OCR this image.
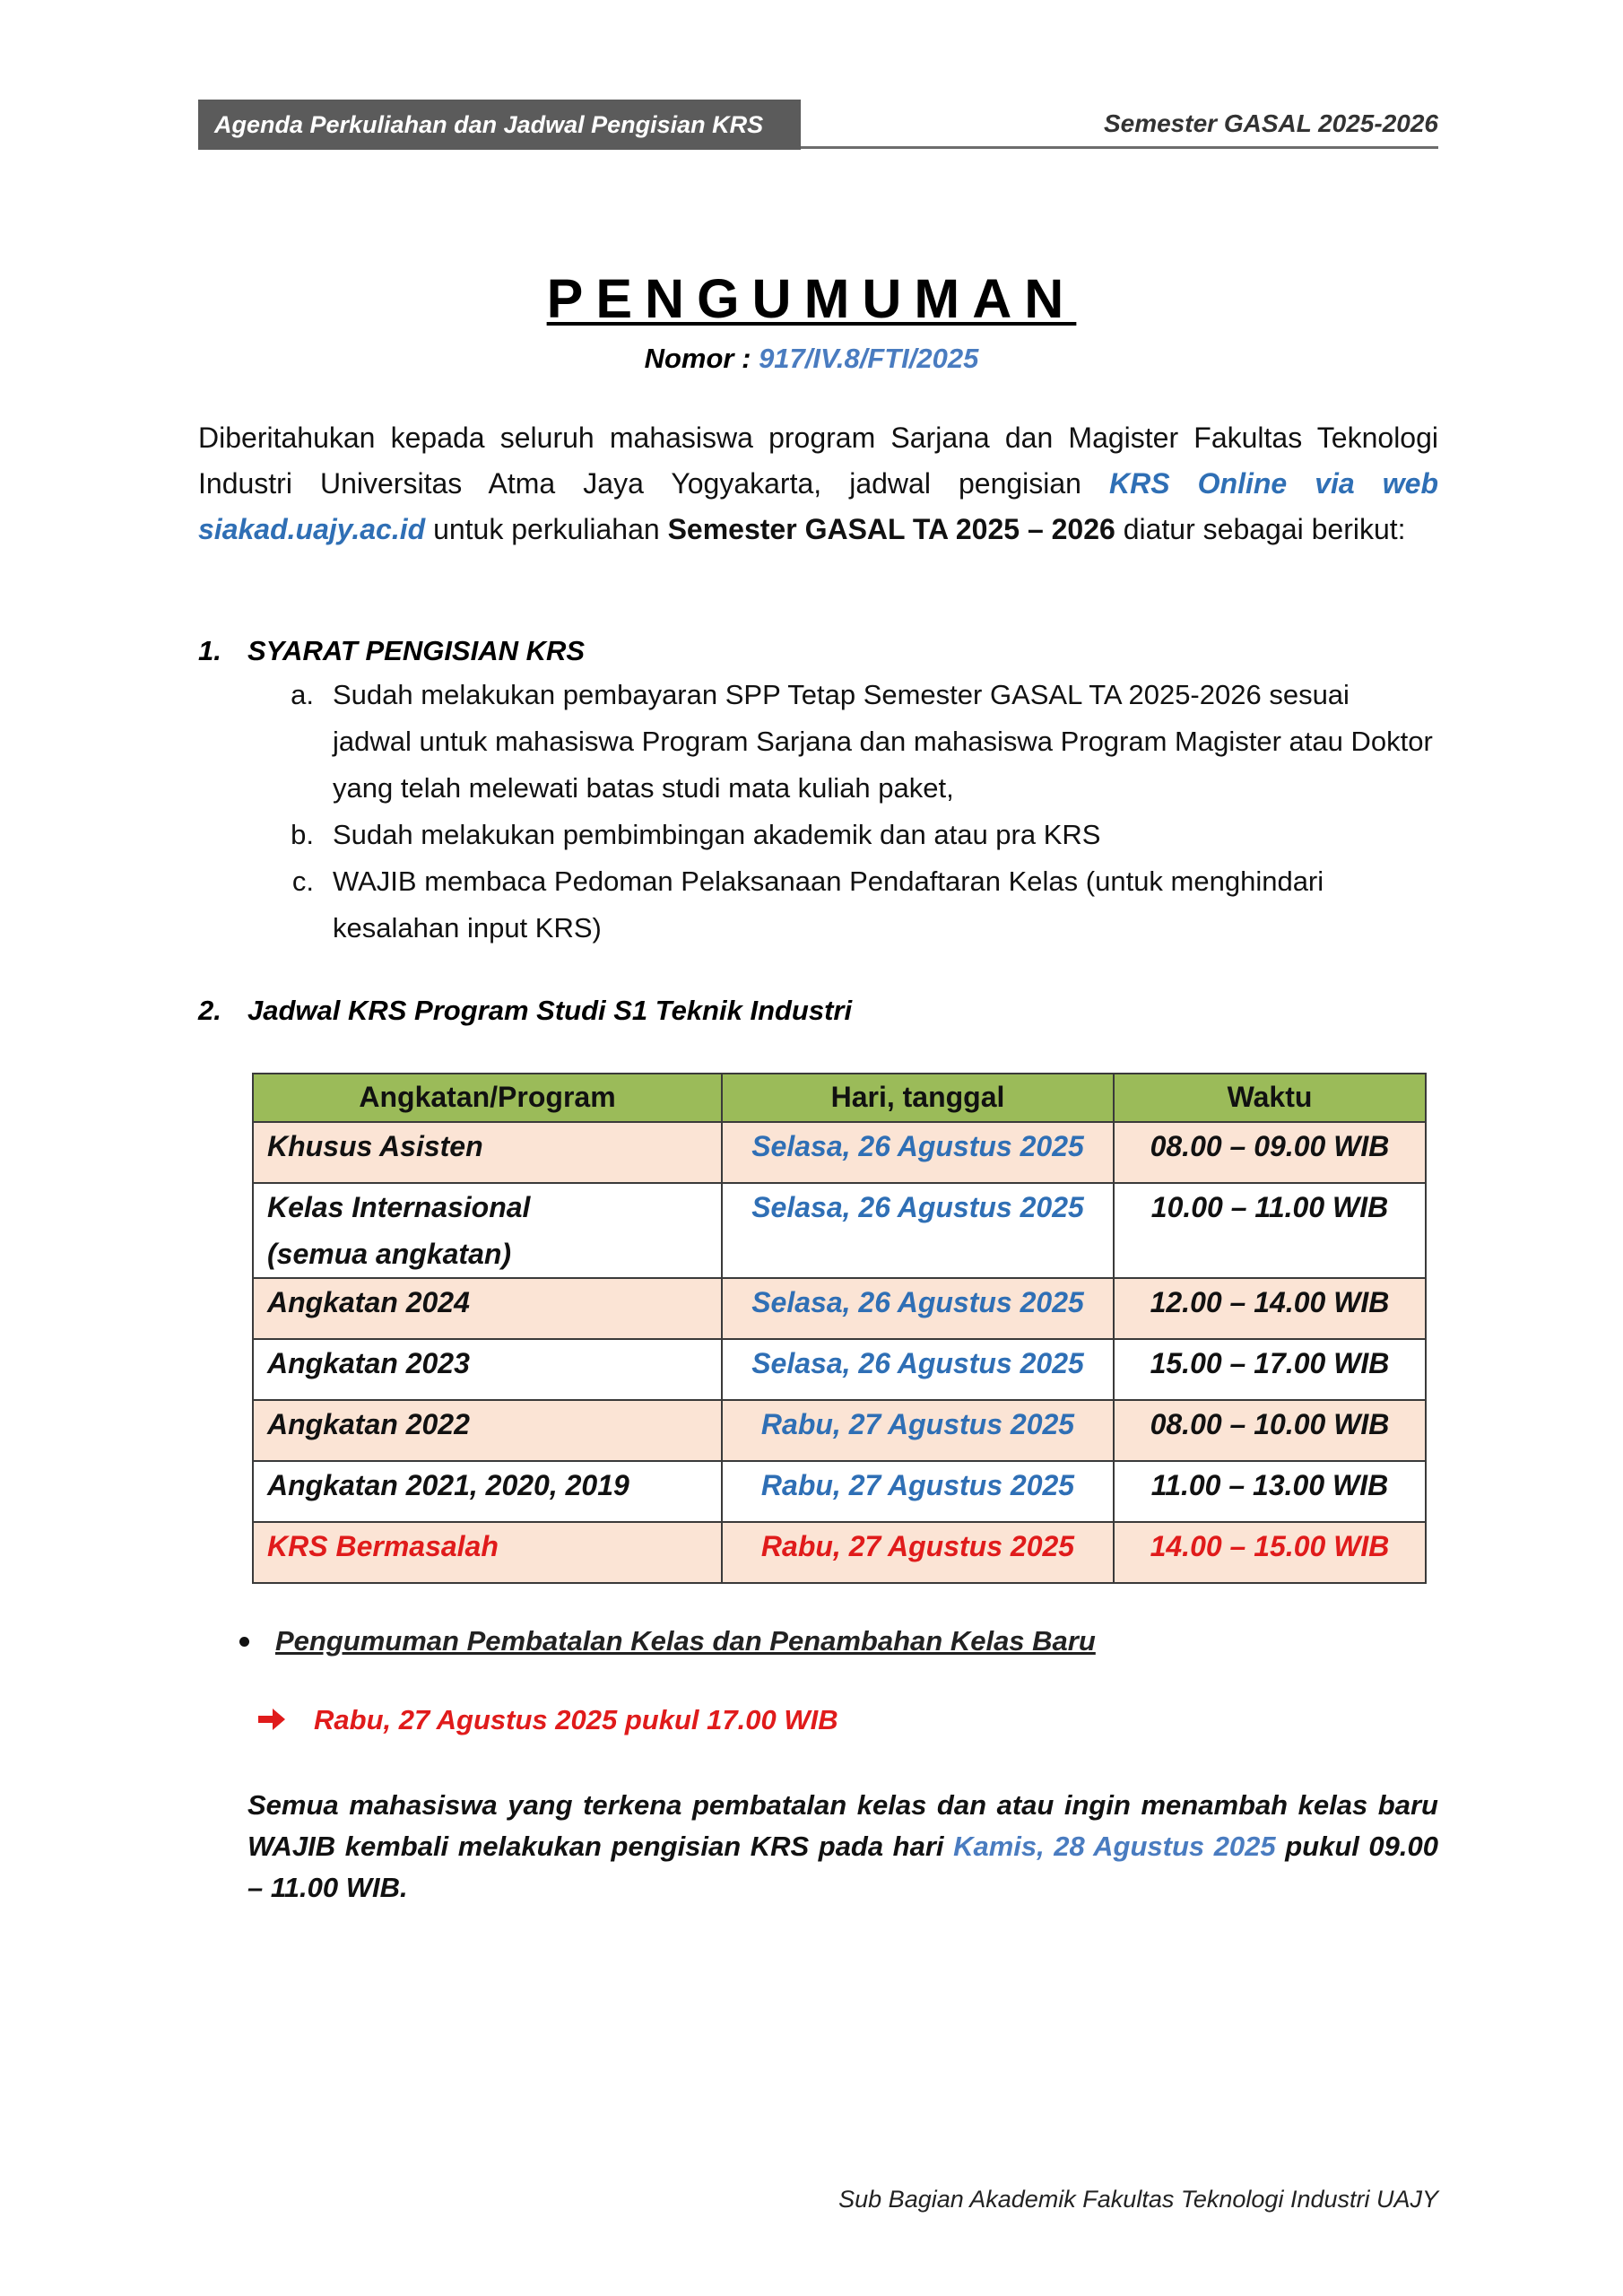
Agenda Perkuliahan dan Jadwal Pengisian KRS	Semester GASAL 2025-2026
PENGUMUMAN
Nomor : 917/IV.8/FTI/2025
Diberitahukan kepada seluruh mahasiswa program Sarjana dan Magister Fakultas Teknologi Industri Universitas Atma Jaya Yogyakarta, jadwal pengisian KRS Online via web siakad.uajy.ac.id untuk perkuliahan Semester GASAL TA 2025 – 2026 diatur sebagai berikut:
1. SYARAT PENGISIAN KRS
a. Sudah melakukan pembayaran SPP Tetap Semester GASAL TA 2025-2026 sesuai jadwal untuk mahasiswa Program Sarjana dan mahasiswa Program Magister atau Doktor yang telah melewati batas studi mata kuliah paket,
b. Sudah melakukan pembimbingan akademik dan atau pra KRS
c. WAJIB membaca Pedoman Pelaksanaan Pendaftaran Kelas (untuk menghindari kesalahan input KRS)
2. Jadwal KRS Program Studi S1 Teknik Industri
Angkatan/Program	Hari, tanggal	Waktu
Khusus Asisten	Selasa, 26 Agustus 2025	08.00 – 09.00 WIB

Kelas Internasional
(semua angkatan)	Selasa, 26 Agustus 2025	10.00 – 11.00 WIB
Angkatan 2024	Selasa, 26 Agustus 2025	12.00 – 14.00 WIB
Angkatan 2023	Selasa, 26 Agustus 2025	15.00 – 17.00 WIB
Angkatan 2022	Rabu, 27 Agustus 2025	08.00 – 10.00 WIB
Angkatan 2021, 2020, 2019	Rabu, 27 Agustus 2025	11.00 – 13.00 WIB
KRS Bermasalah	Rabu, 27 Agustus 2025	14.00 – 15.00 WIB
Pengumuman Pembatalan Kelas dan Penambahan Kelas Baru
Rabu, 27 Agustus 2025 pukul 17.00 WIB
Semua mahasiswa yang terkena pembatalan kelas dan atau ingin menambah kelas baru WAJIB kembali melakukan pengisian KRS pada hari Kamis, 28 Agustus 2025 pukul 09.00 – 11.00 WIB.
Sub Bagian Akademik Fakultas Teknologi Industri UAJY
